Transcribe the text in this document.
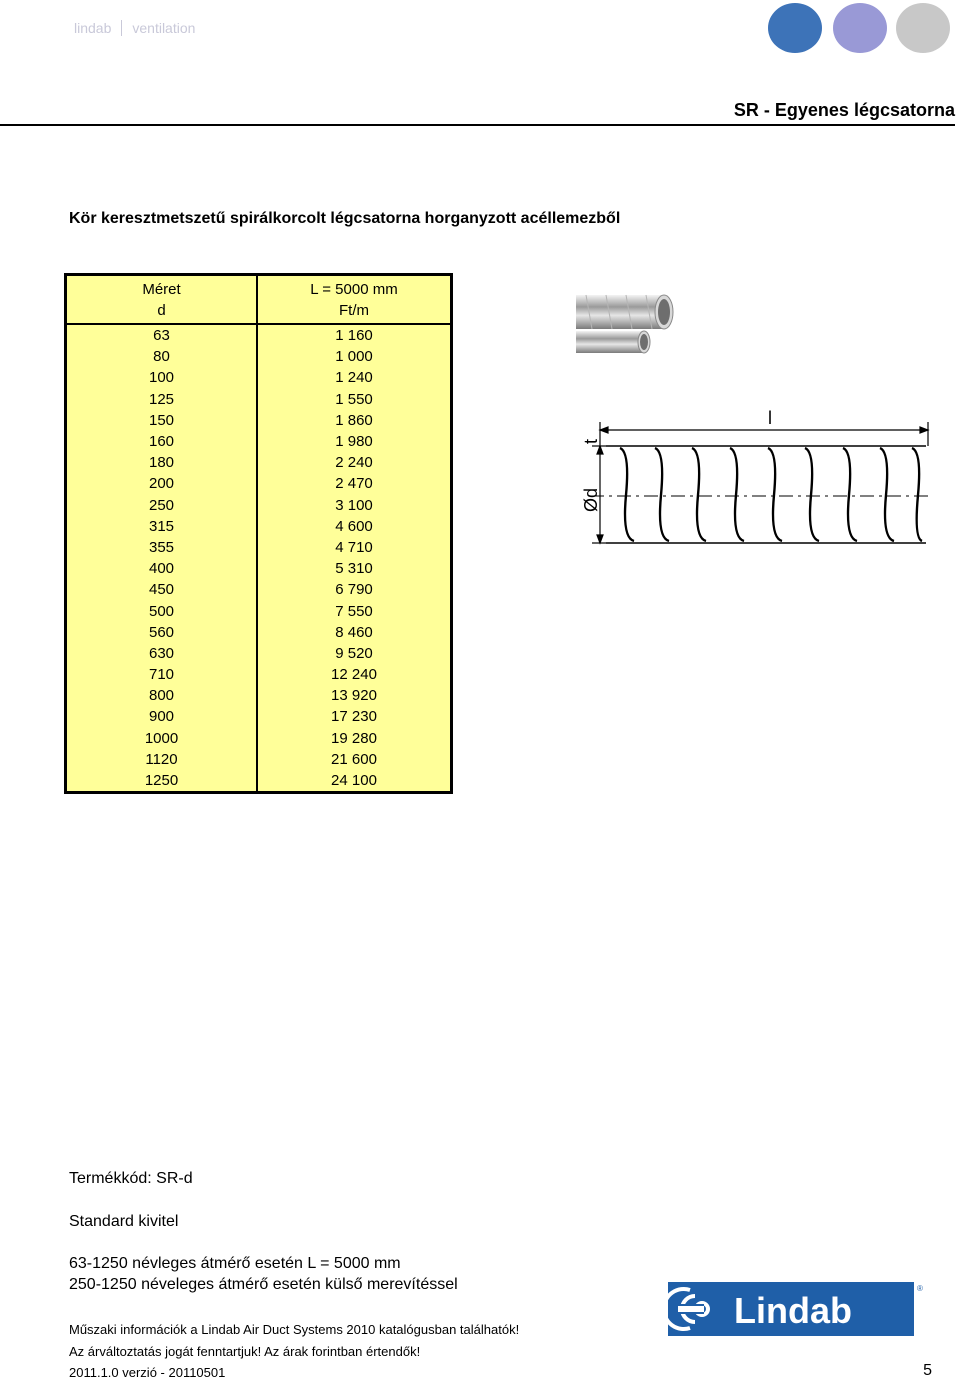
lindab ventilation
SR - Egyenes légcsatorna
Kör keresztmetszetű spirálkorcolt légcsatorna horganyzott acéllemezből
Méret	L = 5000 mm
d	Ft/m
63	1 160
80	1 000
100	1 240
125	1 550
150	1 860
160	1 980
180	2 240
200	2 470
250	3 100
315	4 600
355	4 710
400	5 310
450	6 790
500	7 550
560	8 460
630	9 520
710	12 240
800	13 920
900	17 230
1000	19 280
1120	21 600
1250	24 100
l
t
Ød
Termékkód: SR-d
Standard kivitel
63-1250 névleges átmérő esetén L = 5000 mm
250-1250 néveleges átmérő esetén külső merevítéssel
Lindab
®
Műszaki információk a Lindab Air Duct Systems 2010 katalógusban találhatók!
Az árváltoztatás jogát fenntartjuk! Az árak forintban értendők!
2011.1.0 verzió - 20110501	5
